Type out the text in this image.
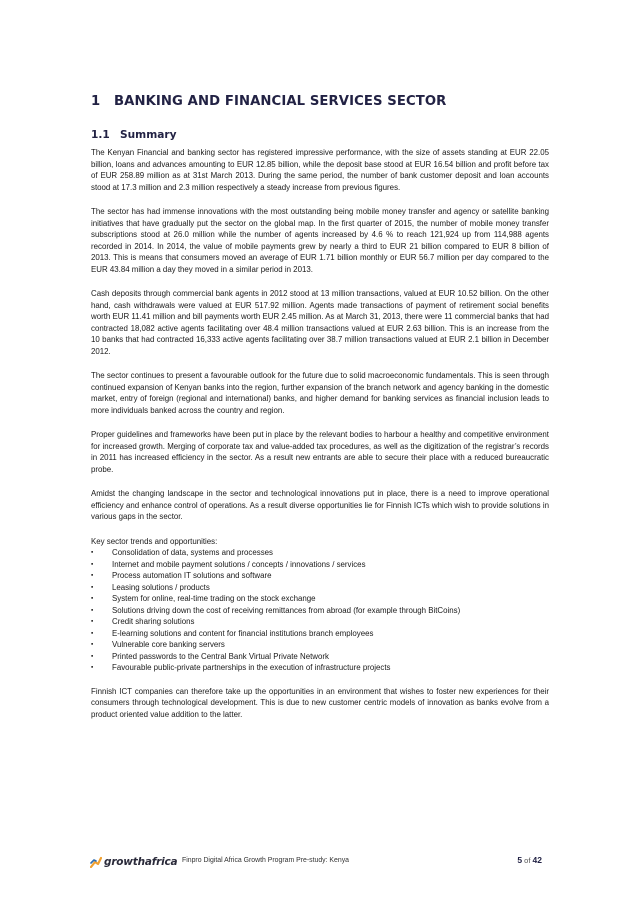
1 BANKING AND FINANCIAL SERVICES SECTOR
1.1 Summary

The Kenyan Financial and banking sector has registered impressive performance, with the size of assets standing at EUR 22.05 billion, loans and advances amounting to EUR 12.85 billion, while the deposit base stood at EUR 16.54 billion and profit before tax of EUR 258.89 million as at 31st March 2013. During the same period, the number of bank customer deposit and loan accounts stood at 17.3 million and 2.3 million respectively a steady increase from previous figures.

The sector has had immense innovations with the most outstanding being mobile money transfer and agency or satellite banking initiatives that have gradually put the sector on the global map. In the first quarter of 2015, the number of mobile money transfer subscriptions stood at 26.0 million while the number of agents increased by 4.6 % to reach 121,924 up from 114,988 agents recorded in 2014. In 2014, the value of mobile payments grew by nearly a third to EUR 21 billion compared to EUR 8 billion of 2013. This is means that consumers moved an average of EUR 1.71 billion monthly or EUR 56.7 million per day compared to the EUR 43.84 million a day they moved in a similar period in 2013.

Cash deposits through commercial bank agents in 2012 stood at 13 million transactions, valued at EUR 10.52 billion. On the other hand, cash withdrawals were valued at EUR 517.92 million. Agents made transactions of payment of retirement social benefits worth EUR 11.41 million and bill payments worth EUR 2.45 million. As at March 31, 2013, there were 11 commercial banks that had contracted 18,082 active agents facilitating over 48.4 million transactions valued at EUR 2.63 billion. This is an increase from the 10 banks that had contracted 16,333 active agents facilitating over 38.7 million transactions valued at EUR 2.1 billion in December 2012.

The sector continues to present a favourable outlook for the future due to solid macroeconomic fundamentals. This is seen through continued expansion of Kenyan banks into the region, further expansion of the branch network and agency banking in the domestic market, entry of foreign (regional and international) banks, and higher demand for banking services as financial inclusion leads to more individuals banked across the country and region.

Proper guidelines and frameworks have been put in place by the relevant bodies to harbour a healthy and competitive environment for increased growth. Merging of corporate tax and value-added tax procedures, as well as the digitization of the registrar’s records in 2011 has increased efficiency in the sector. As a result new entrants are able to secure their place with a reduced bureaucratic probe.

Amidst the changing landscape in the sector and technological innovations put in place, there is a need to improve operational efficiency and enhance control of operations. As a result diverse opportunities lie for Finnish ICTs which wish to provide solutions in various gaps in the sector.

Key sector trends and opportunities:

▪ Consolidation of data, systems and processes
▪ Internet and mobile payment solutions / concepts / innovations / services
▪ Process automation IT solutions and software
▪ Leasing solutions / products
▪ System for online, real-time trading on the stock exchange
▪ Solutions driving down the cost of receiving remittances from abroad (for example through BitCoins)
▪ Credit sharing solutions
▪ E-learning solutions and content for financial institutions branch employees
▪ Vulnerable core banking servers
▪ Printed passwords to the Central Bank Virtual Private Network
▪ Favourable public-private partnerships in the execution of infrastructure projects

Finnish ICT companies can therefore take up the opportunities in an environment that wishes to foster new experiences for their consumers through technological development. This is due to new customer centric models of innovation as banks evolve from a product oriented value addition to the latter.

growthafrica Finpro Digital Africa Growth Program Pre-study: Kenya	5 of 42
